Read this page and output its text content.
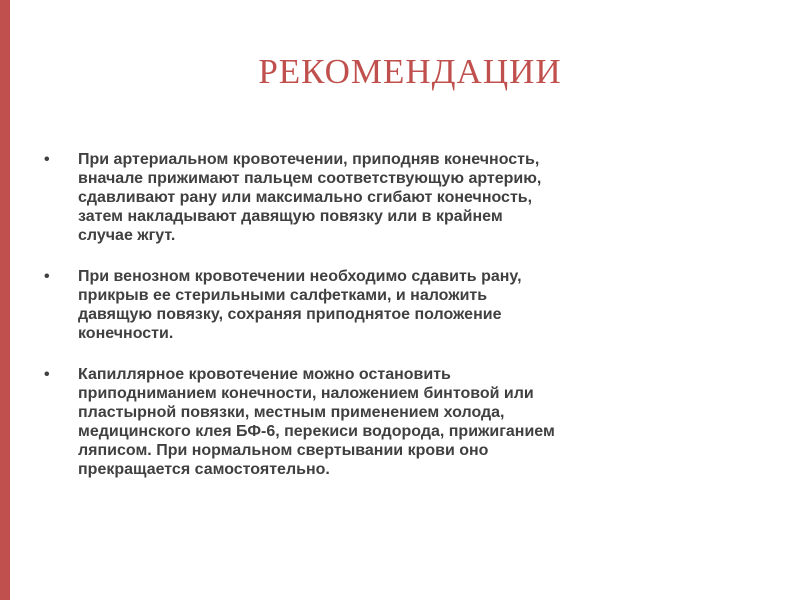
РЕКОМЕНДАЦИИ
•	При артериальном кровотечении, приподняв конечность,
вначале прижимают пальцем соответствующую артерию,
сдавливают рану или максимально сгибают конечность,
затем накладывают давящую повязку или в крайнем
случае жгут.
•	При венозном кровотечении необходимо сдавить рану,
прикрыв ее стерильными салфетками, и наложить
давящую повязку, сохраняя приподнятое положение
конечности.
•	Капиллярное кровотечение можно остановить
приподниманием конечности, наложением бинтовой или
пластырной повязки, местным применением холода,
медицинского клея БФ-6, перекиси водорода, прижиганием
ляписом. При нормальном свертывании крови оно
прекращается самостоятельно.
